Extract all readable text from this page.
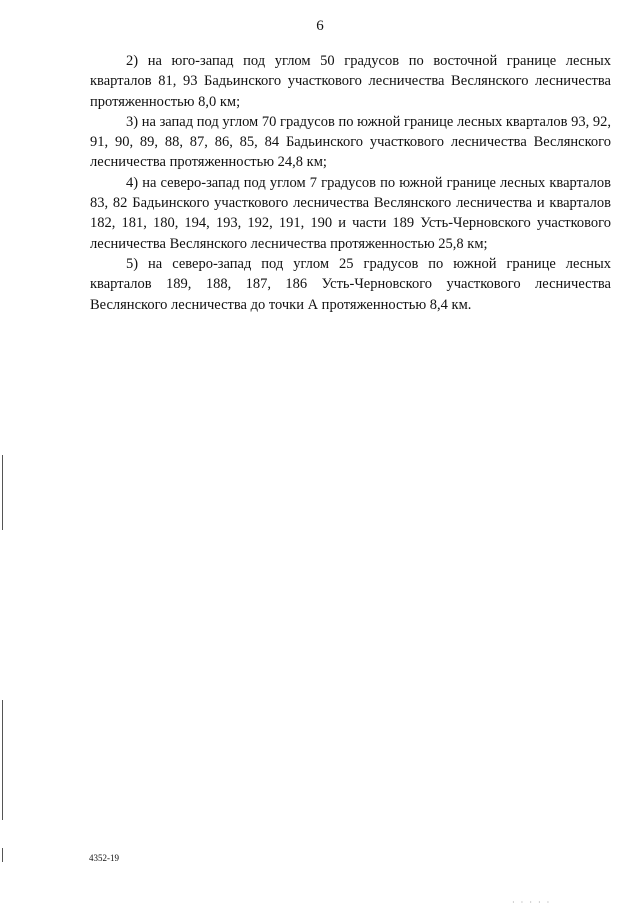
6

2) на юго-запад под углом 50 градусов по восточной границе лесных кварталов 81, 93 Бадьинского участкового лесничества Веслянского лесничества протяженностью 8,0 км;

3) на запад под углом 70 градусов по южной границе лесных кварталов 93, 92, 91, 90, 89, 88, 87, 86, 85, 84 Бадьинского участкового лесничества Веслянского лесничества протяженностью 24,8 км;

4) на северо-запад под углом 7 градусов по южной границе лесных кварталов 83, 82 Бадьинского участкового лесничества Веслянского лесничества и кварталов 182, 181, 180, 194, 193, 192, 191, 190 и части 189 Усть-Черновского участкового лесничества Веслянского лесничества протяженностью 25,8 км;

5) на северо-запад под углом 25 градусов по южной границе лесных кварталов 189, 188, 187, 186 Усть-Черновского участкового лесничества Веслянского лесничества до точки А протяженностью 8,4 км.

4352-19
· · · · ·
